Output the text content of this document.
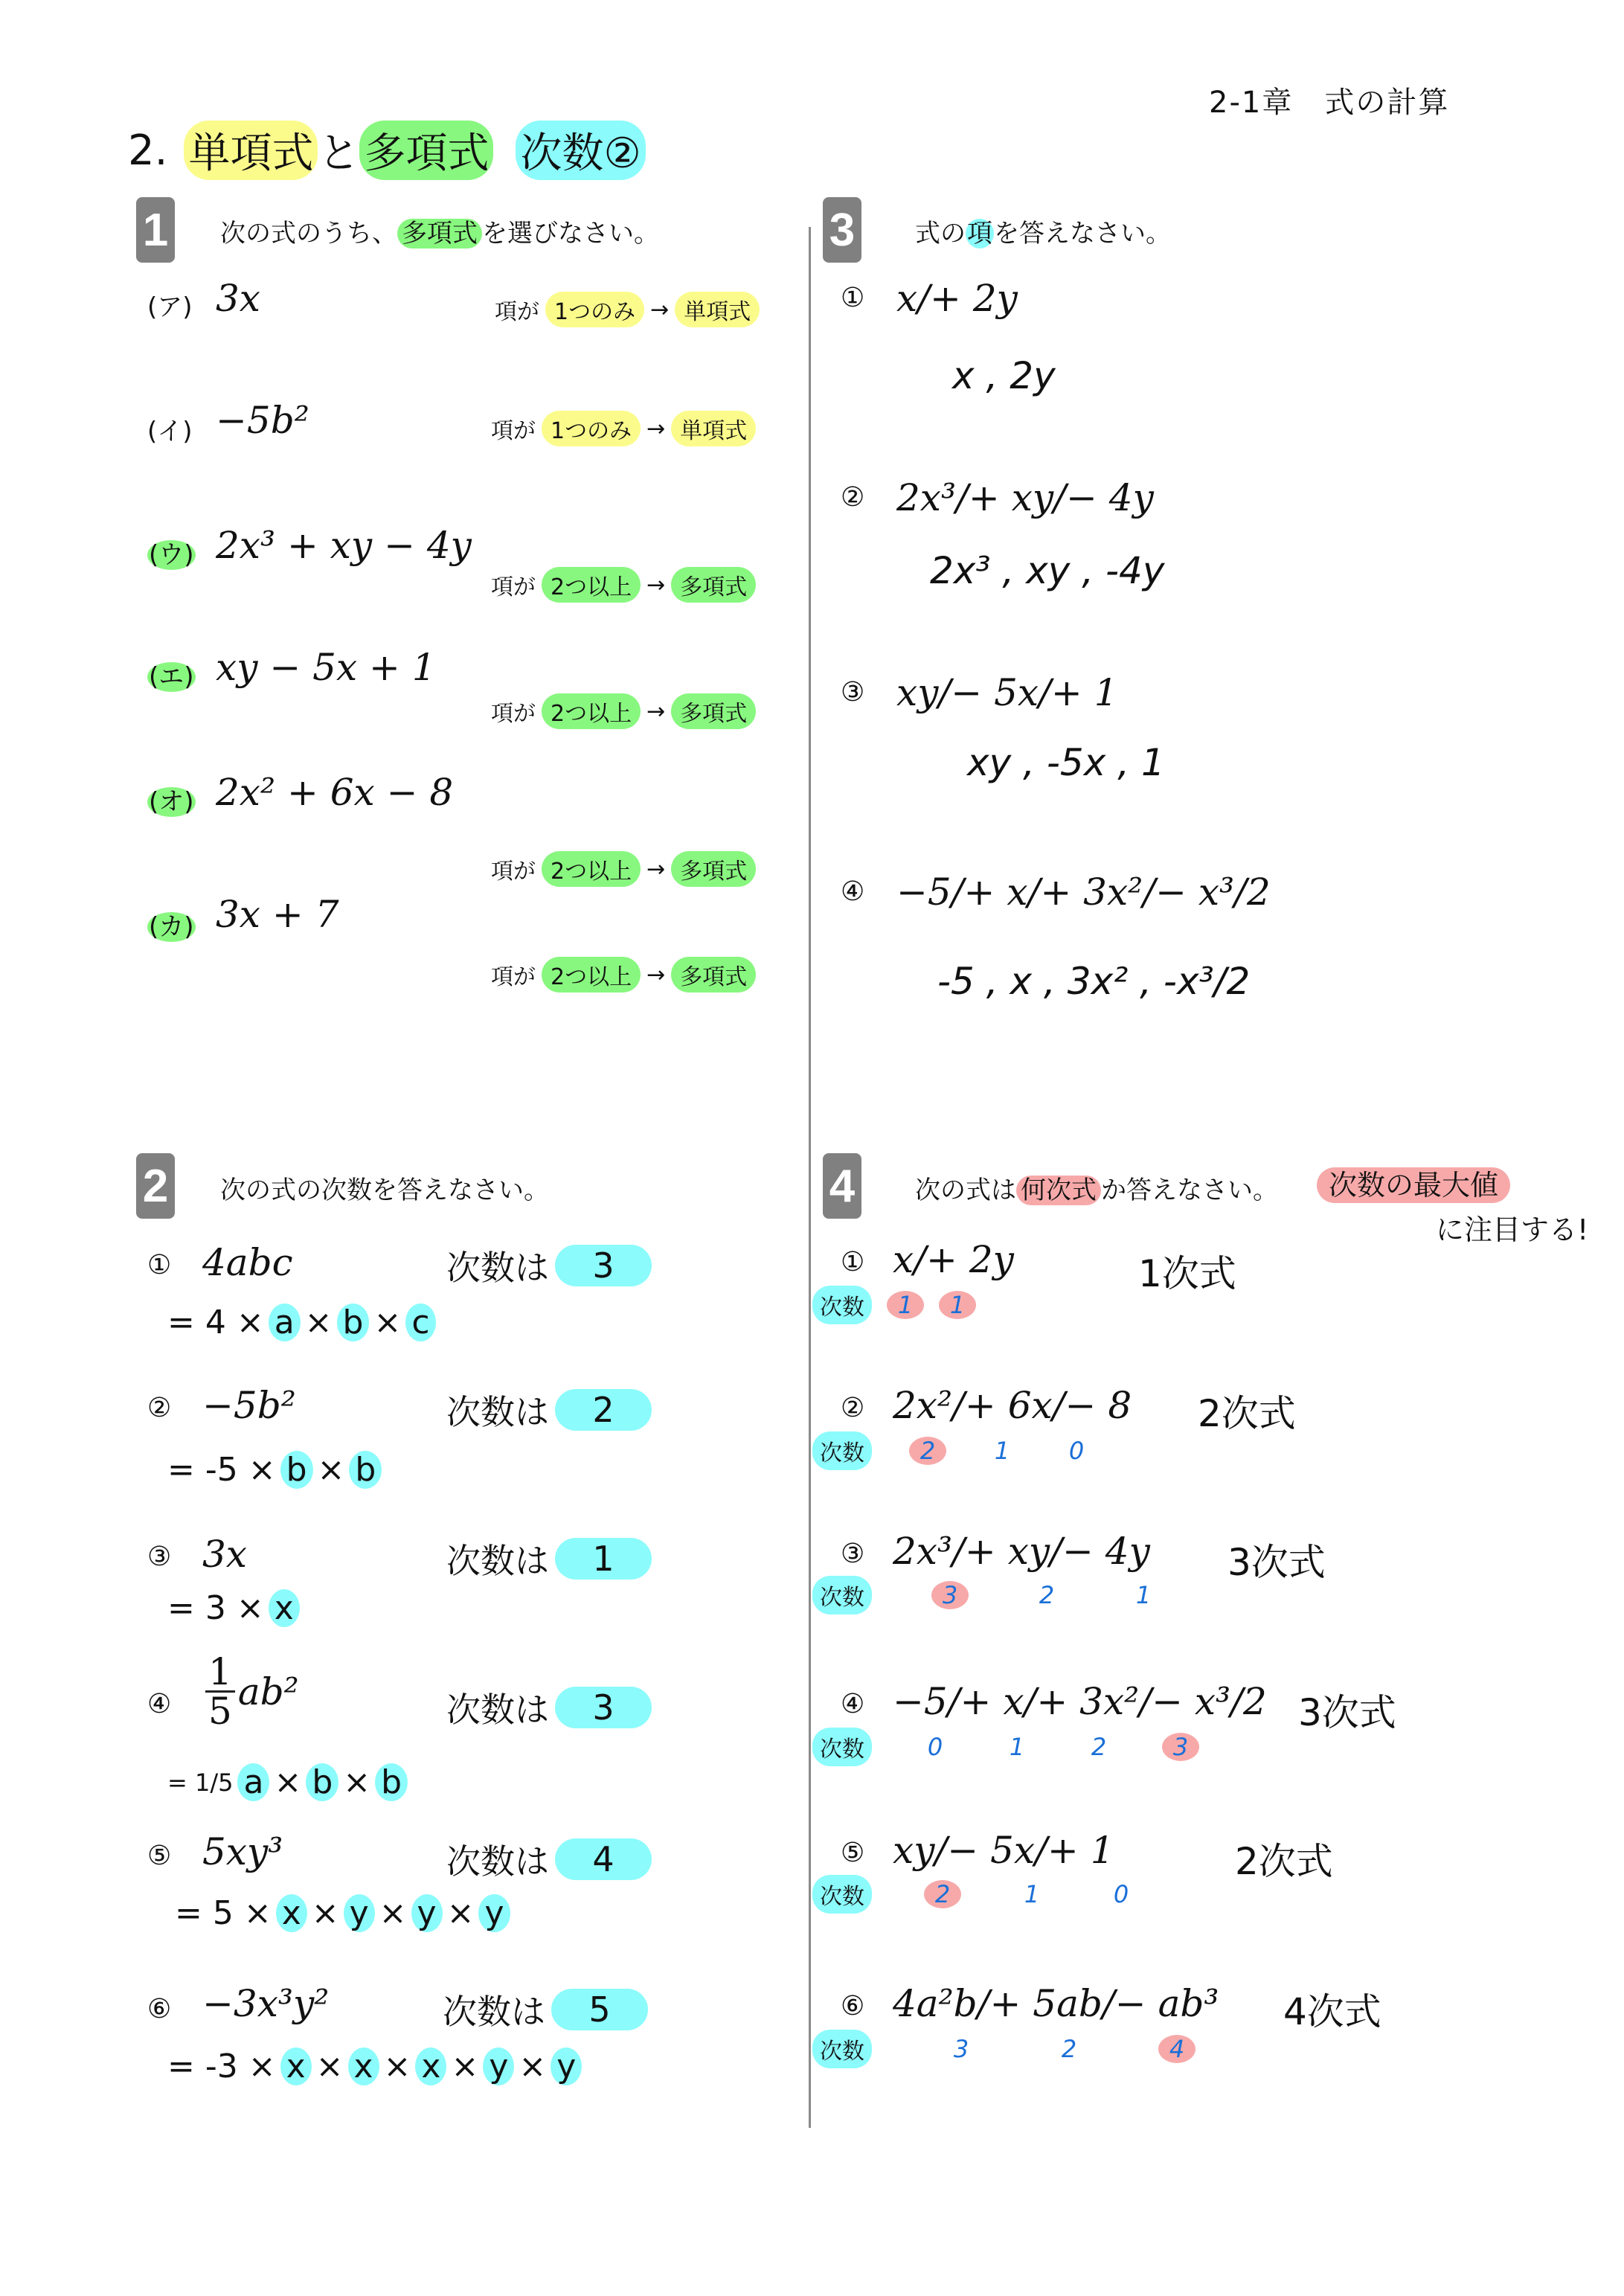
2-1章　式の計算
2. 単項式 と 多項式 次数②
1 次の式のうち、 多項式 を選びなさい。
(ア) 3x	項が 1つのみ → 単項式
(イ) −5b²	項が 1つのみ → 単項式
(ウ) 2x³ + xy − 4y
項が 2つ以上 → 多項式
(エ) xy − 5x + 1
項が 2つ以上 → 多項式
(オ) 2x² + 6x − 8
項が 2つ以上 → 多項式
(カ) 3x + 7
項が 2つ以上 → 多項式
3 式の項を答えなさい。
① x/+ 2y
x , 2y
② 2x³/+ xy/− 4y
2x³ , xy , -4y
③ xy/− 5x/+ 1
xy , -5x , 1
④ −5/+ x/+ 3x²/− x³/2
-5 , x , 3x² , -x³/2
2 次の式の次数を答えなさい。
① 4abc	次数は	3
= 4 × a × b × c
② −5b²	次数は	2
= -5 × b × b
③ 3x	次数は	1
= 3 × x
④ $\frac{1}{5} ab^2$	次数は	3
= 1/5 a × b × b
⑤ 5xy³	次数は	4
= 5 × x × y × y × y
⑥ −3x³y²	次数は	5
= -3 × x × x × x × y × y
4 次の式は 何次式 か答えなさい。	次数の最大値
に注目する!
① x/+ 2y	1次式
次数	1	1
② 2x²/+ 6x/− 8 2次式
次数	2	1	0
③ 2x³/+ xy/− 4y 3次式
次数	3	2	1
④ −5/+ x/+ 3x²/− x³/2 3次式
次数	0	1	2	3
⑤ xy/− 5x/+ 1	2次式
次数	2	1	0
⑥ 4a²b/+ 5ab/− ab³ 4次式
次数	3	2	4
